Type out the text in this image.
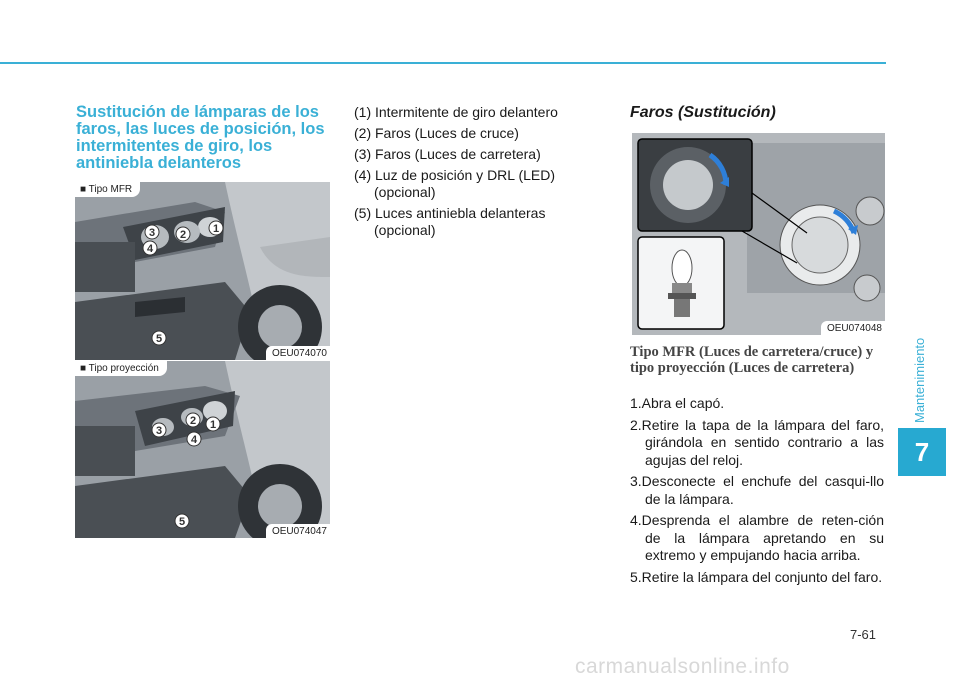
Mantenimiento
7
Sustitución de lámparas de los faros, las luces de posición, los intermitentes de giro, los antiniebla delanteros
1
2
3
4
5
■ Tipo MFR
OEU074070
1
2
3
4
5
■ Tipo proyección
OEU074047
(1) Intermitente de giro delantero
(2) Faros (Luces de cruce)
(3) Faros (Luces de carretera)
(4) Luz de posición y DRL (LED) (opcional)
(5) Luces antiniebla delanteras (opcional)
Faros (Sustitución)
OEU074048
Tipo MFR (Luces de carretera/cruce) y tipo proyección (Luces de carretera)
1.Abra el capó.
2.Retire la tapa de la lámpara del faro, girándola en sentido contrario a las agujas del reloj.
3.Desconecte el enchufe del casqui-llo de la lámpara.
4.Desprenda el alambre de reten-ción de la lámpara apretando en su extremo y empujando hacia arriba.
5.Retire la lámpara del conjunto del faro.
7-61
carmanualsonline.info
